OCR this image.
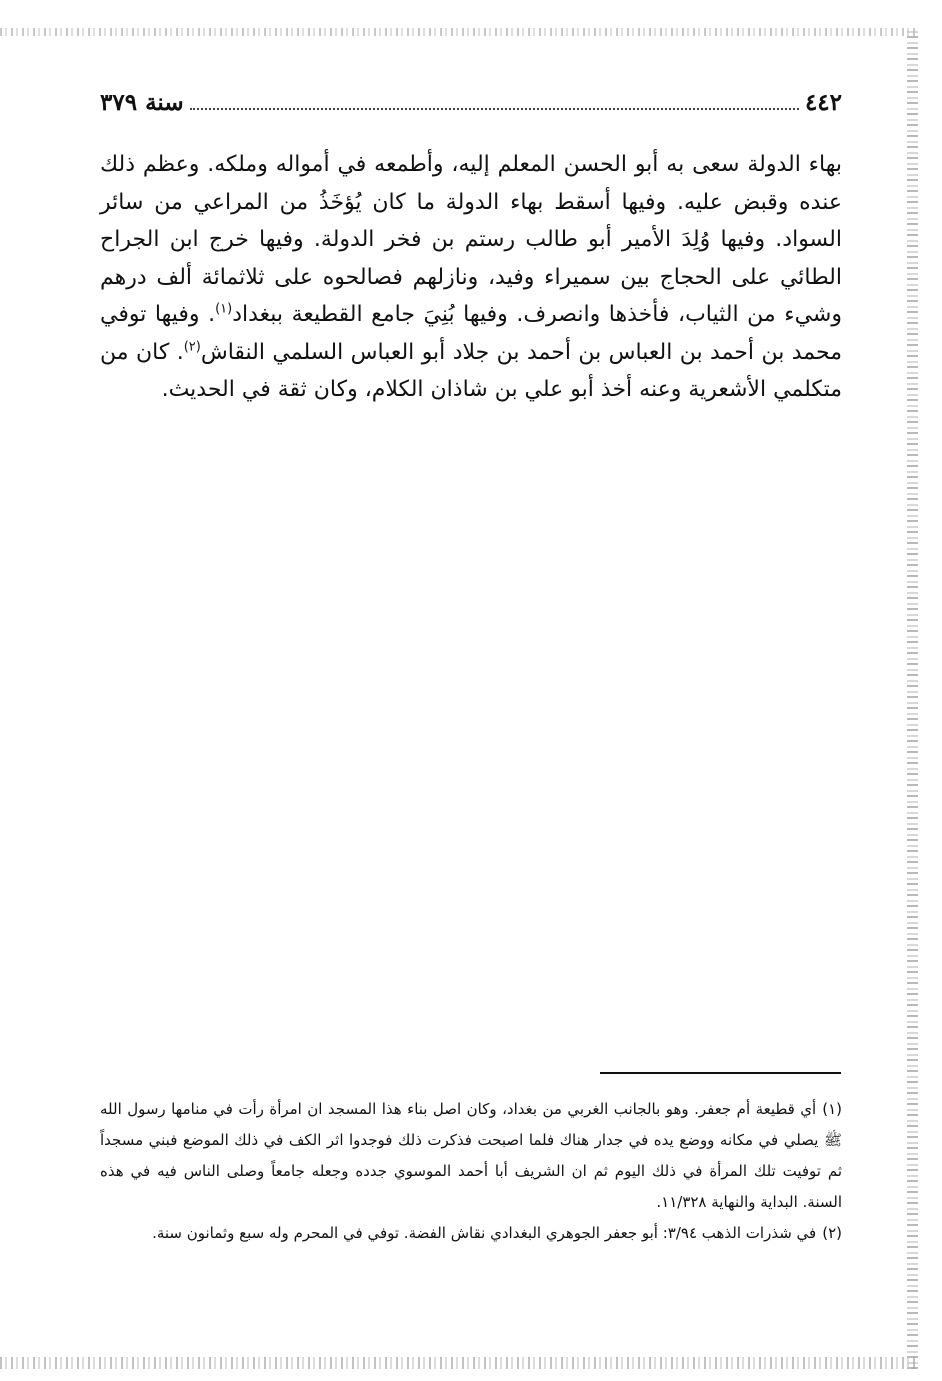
٤٤٢
سنة ٣٧٩
بهاء الدولة سعى به أبو الحسن المعلم إليه، وأطمعه في أمواله وملكه. وعظم ذلك عنده وقبض عليه. وفيها أسقط بهاء الدولة ما كان يُؤخَذُ من المراعي من سائر السواد. وفيها وُلِدَ الأمير أبو طالب رستم بن فخر الدولة. وفيها خرج ابن الجراح الطائي على الحجاج بين سميراء وفيد، ونازلهم فصالحوه على ثلاثمائة ألف درهم وشيء من الثياب، فأخذها وانصرف. وفيها بُنِيَ جامع القطيعة ببغداد$^{(١)}$. وفيها توفي محمد بن أحمد بن العباس بن أحمد بن جلاد أبو العباس السلمي النقاش$^{(٢)}$. كان من متكلمي الأشعرية وعنه أخذ أبو علي بن شاذان الكلام، وكان ثقة في الحديث.

(١)أي قطيعة أم جعفر. وهو بالجانب الغربي من بغداد، وكان اصل بناء هذا المسجد ان امرأة رأت في منامها رسول الله ﷺ يصلي في مكانه ووضع يده في جدار هناك فلما اصبحت فذكرت ذلك فوجدوا اثر الكف في ذلك الموضع فبني مسجداً ثم توفيت تلك المرأة في ذلك اليوم ثم ان الشريف أبا أحمد الموسوي جدده وجعله جامعاً وصلى الناس فيه في هذه السنة. البداية والنهاية ١١/٣٢٨.

(٢)في شذرات الذهب ٣/٩٤: أبو جعفر الجوهري البغدادي نقاش الفضة. توفي في المحرم وله سبع وثمانون سنة.
